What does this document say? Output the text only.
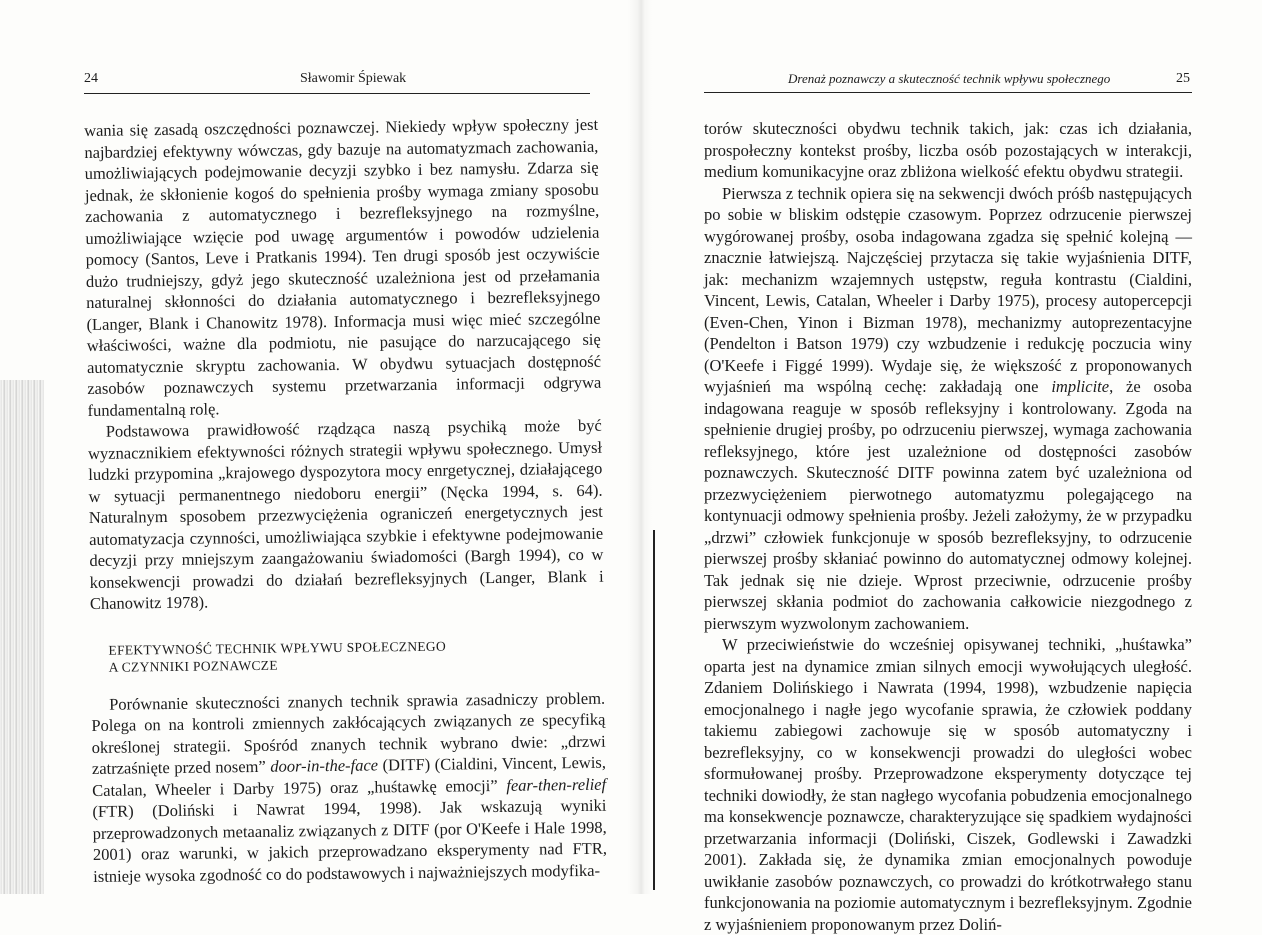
24	Sławomir Śpiewak

wania się zasadą oszczędności poznawczej. Niekiedy wpływ społeczny jest najbardziej efektywny wówczas, gdy bazuje na automatyzmach zachowania, umożliwiających podejmowanie decyzji szybko i bez namysłu. Zdarza się jednak, że skłonienie kogoś do spełnienia prośby wymaga zmiany sposobu zachowania z automatycznego i bezrefleksyjnego na rozmyślne, umożliwiające wzięcie pod uwagę argumentów i powodów udzielenia pomocy (Santos, Leve i Pratkanis 1994). Ten drugi sposób jest oczywiście dużo trudniejszy, gdyż jego skuteczność uzależniona jest od przełamania naturalnej skłonności do działania automatycznego i bezrefleksyjnego (Langer, Blank i Chanowitz 1978). Informacja musi więc mieć szczególne właściwości, ważne dla podmiotu, nie pasujące do narzucającego się automatycznie skryptu zachowania. W obydwu sytuacjach dostępność zasobów poznawczych systemu przetwarzania informacji odgrywa fundamentalną rolę.

Podstawowa prawidłowość rządząca naszą psychiką może być wyznacznikiem efektywności różnych strategii wpływu społecznego. Umysł ludzki przypomina „krajowego dyspozytora mocy enrgetycznej, działającego w sytuacji permanentnego niedoboru energii” (Nęcka 1994, s. 64). Naturalnym sposobem przezwyciężenia ograniczeń energetycznych jest automatyzacja czynności, umożliwiająca szybkie i efektywne podejmowanie decyzji przy mniejszym zaangażowaniu świadomości (Bargh 1994), co w konsekwencji prowadzi do działań bezrefleksyjnych (Langer, Blank i Chanowitz 1978).

EFEKTYWNOŚĆ TECHNIK WPŁYWU SPOŁECZNEGO
A CZYNNIKI POZNAWCZE

Porównanie skuteczności znanych technik sprawia zasadniczy problem. Polega on na kontroli zmiennych zakłócających związanych ze specyfiką określonej strategii. Spośród znanych technik wybrano dwie: „drzwi zatrzaśnięte przed nosem” door-in-the-face (DITF) (Cialdini, Vincent, Lewis, Catalan, Wheeler i Darby 1975) oraz „huśtawkę emocji” fear-then-relief (FTR) (Doliński i Nawrat 1994, 1998). Jak wskazują wyniki przeprowadzonych metaanaliz związanych z DITF (por O'Keefe i Hale 1998, 2001) oraz warunki, w jakich przeprowadzano eksperymenty nad FTR, istnieje wysoka zgodność co do podstawowych i najważniejszych modyfika-

Drenaż poznawczy a skuteczność technik wpływu społecznego	25

torów skuteczności obydwu technik takich, jak: czas ich działania, prospołeczny kontekst prośby, liczba osób pozostających w interakcji, medium komunikacyjne oraz zbliżona wielkość efektu obydwu strategii.

Pierwsza z technik opiera się na sekwencji dwóch próśb następujących po sobie w bliskim odstępie czasowym. Poprzez odrzucenie pierwszej wygórowanej prośby, osoba indagowana zgadza się spełnić kolejną — znacznie łatwiejszą. Najczęściej przytacza się takie wyjaśnienia DITF, jak: mechanizm wzajemnych ustępstw, reguła kontrastu (Cialdini, Vincent, Lewis, Catalan, Wheeler i Darby 1975), procesy autopercepcji (Even-Chen, Yinon i Bizman 1978), mechanizmy autoprezentacyjne (Pendelton i Batson 1979) czy wzbudzenie i redukcję poczucia winy (O'Keefe i Figgé 1999). Wydaje się, że większość z proponowanych wyjaśnień ma wspólną cechę: zakładają one implicite, że osoba indagowana reaguje w sposób refleksyjny i kontrolowany. Zgoda na spełnienie drugiej prośby, po odrzuceniu pierwszej, wymaga zachowania refleksyjnego, które jest uzależnione od dostępności zasobów poznawczych. Skuteczność DITF powinna zatem być uzależniona od przezwyciężeniem pierwotnego automatyzmu polegającego na kontynuacji odmowy spełnienia prośby. Jeżeli założymy, że w przypadku „drzwi” człowiek funkcjonuje w sposób bezrefleksyjny, to odrzucenie pierwszej prośby skłaniać powinno do automatycznej odmowy kolejnej. Tak jednak się nie dzieje. Wprost przeciwnie, odrzucenie prośby pierwszej skłania podmiot do zachowania całkowicie niezgodnego z pierwszym wyzwolonym zachowaniem.

W przeciwieństwie do wcześniej opisywanej techniki, „huśtawka” oparta jest na dynamice zmian silnych emocji wywołujących uległość. Zdaniem Dolińskiego i Nawrata (1994, 1998), wzbudzenie napięcia emocjonalnego i nagłe jego wycofanie sprawia, że człowiek poddany takiemu zabiegowi zachowuje się w sposób automatyczny i bezrefleksyjny, co w konsekwencji prowadzi do uległości wobec sformułowanej prośby. Przeprowadzone eksperymenty dotyczące tej techniki dowiodły, że stan nagłego wycofania pobudzenia emocjonalnego ma konsekwencje poznawcze, charakteryzujące się spadkiem wydajności przetwarzania informacji (Doliński, Ciszek, Godlewski i Zawadzki 2001). Zakłada się, że dynamika zmian emocjonalnych powoduje uwikłanie zasobów poznawczych, co prowadzi do krótkotrwałego stanu funkcjonowania na poziomie automatycznym i bezrefleksyjnym. Zgodnie z wyjaśnieniem proponowanym przez Doliń-
